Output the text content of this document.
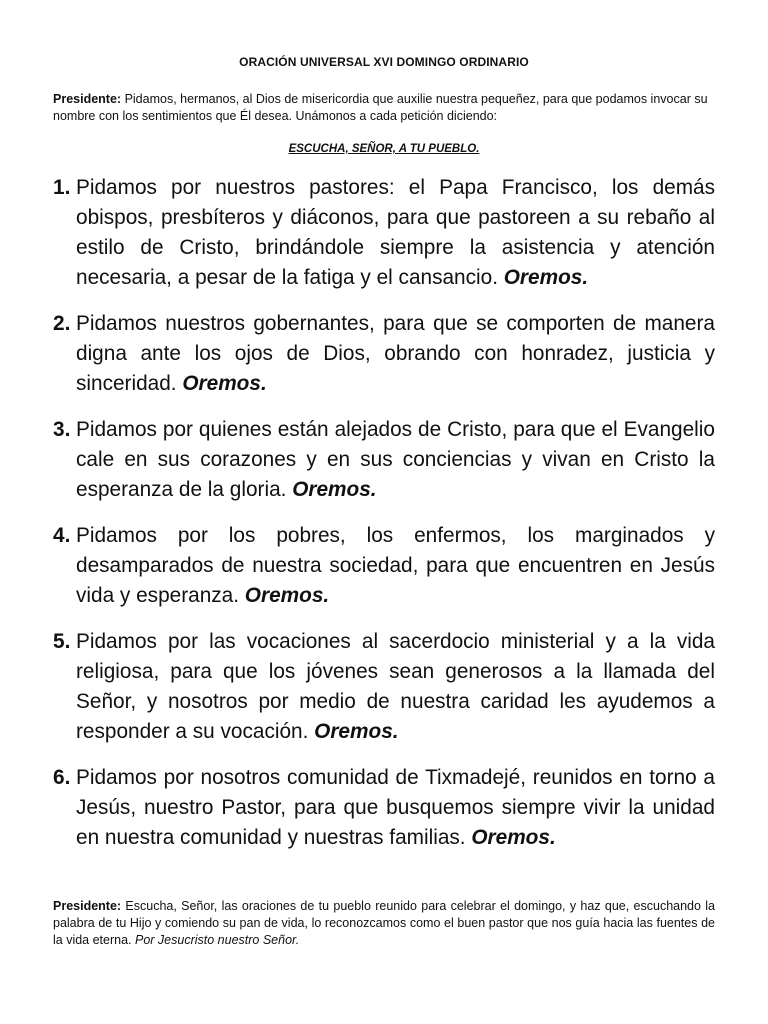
ORACIÓN UNIVERSAL XVI DOMINGO ORDINARIO
Presidente: Pidamos, hermanos, al Dios de misericordia que auxilie nuestra pequeñez, para que podamos invocar su nombre con los sentimientos que Él desea. Unámonos a cada petición diciendo:
ESCUCHA, SEÑOR, A TU PUEBLO.
1. Pidamos por nuestros pastores: el Papa Francisco, los demás obispos, presbíteros y diáconos, para que pastoreen a su rebaño al estilo de Cristo, brindándole siempre la asistencia y atención necesaria, a pesar de la fatiga y el cansancio. Oremos.
2. Pidamos nuestros gobernantes, para que se comporten de manera digna ante los ojos de Dios, obrando con honradez, justicia y sinceridad. Oremos.
3. Pidamos por quienes están alejados de Cristo, para que el Evangelio cale en sus corazones y en sus conciencias y vivan en Cristo la esperanza de la gloria. Oremos.
4. Pidamos por los pobres, los enfermos, los marginados y desamparados de nuestra sociedad, para que encuentren en Jesús vida y esperanza. Oremos.
5. Pidamos por las vocaciones al sacerdocio ministerial y a la vida religiosa, para que los jóvenes sean generosos a la llamada del Señor, y nosotros por medio de nuestra caridad les ayudemos a responder a su vocación. Oremos.
6. Pidamos por nosotros comunidad de Tixmadejé, reunidos en torno a Jesús, nuestro Pastor, para que busquemos siempre vivir la unidad en nuestra comunidad y nuestras familias. Oremos.
Presidente: Escucha, Señor, las oraciones de tu pueblo reunido para celebrar el domingo, y haz que, escuchando la palabra de tu Hijo y comiendo su pan de vida, lo reconozcamos como el buen pastor que nos guía hacia las fuentes de la vida eterna. Por Jesucristo nuestro Señor.
